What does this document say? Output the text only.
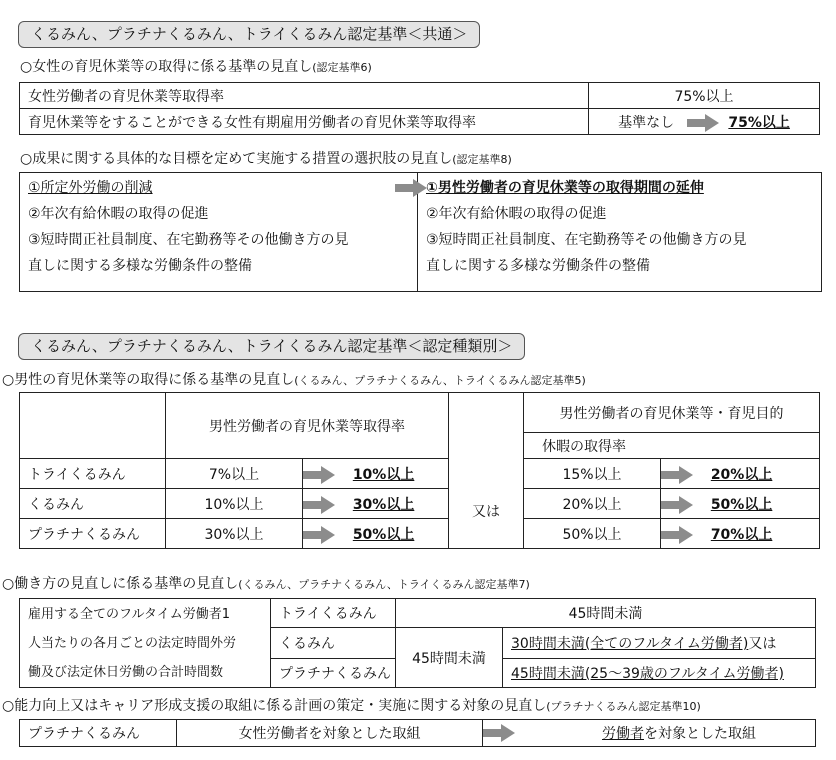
くるみん、プラチナくるみん、トライくるみん認定基準＜共通＞
○女性の育児休業等の取得に係る基準の見直し(認定基準6)
女性労働者の育児休業等取得率	75%以上
育児休業等をすることができる女性有期雇用労働者の育児休業等取得率	基準なし 75%以上
○成果に関する具体的な目標を定めて実施する措置の選択肢の見直し(認定基準8)
①所定外労働の削減
②年次有給休暇の取得の促進
③短時間正社員制度、在宅勤務等その他働き方の見
直しに関する多様な労働条件の整備
①男性労働者の育児休業等の取得期間の延伸
②年次有給休暇の取得の促進
③短時間正社員制度、在宅勤務等その他働き方の見
直しに関する多様な労働条件の整備
くるみん、プラチナくるみん、トライくるみん認定基準＜認定種類別＞
○男性の育児休業等の取得に係る基準の見直し(くるみん、プラチナくるみん、トライくるみん認定基準5)
	男性労働者の育児休業等取得率		又は	男性労働者の育児休業等・育児目的	
				休暇の取得率	
トライくるみん	7%以上	10%以上		15%以上	20%以上
くるみん	10%以上	30%以上		20%以上	50%以上
プラチナくるみん	30%以上	50%以上		50%以上	70%以上
○働き方の見直しに係る基準の見直し(くるみん、プラチナくるみん、トライくるみん認定基準7)
雇用する全てのフルタイム労働者1
人当たりの各月ごとの法定時間外労
働及び法定休日労働の合計時間数	トライくるみん	45時間未満	
	くるみん	45時間未満	30時間未満(全てのフルタイム労働者)又は
	プラチナくるみん		45時間未満(25～39歳のフルタイム労働者)
○能力向上又はキャリア形成支援の取組に係る計画の策定・実施に関する対象の見直し(プラチナくるみん認定基準10)
プラチナくるみん	女性労働者を対象とした取組		労働者を対象とした取組
